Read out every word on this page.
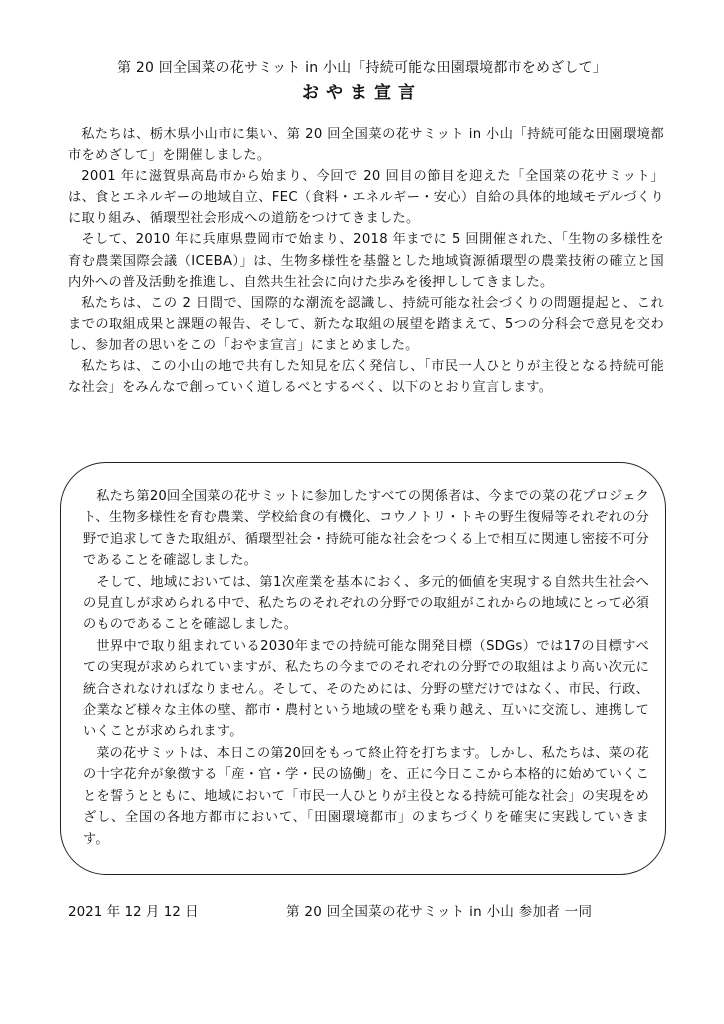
第 20 回全国菜の花サミット in 小山「持続可能な田園環境都市をめざして」
おやま宣言

私たちは、栃木県小山市に集い、第 20 回全国菜の花サミット in 小山「持続可能な田園環境都市をめざして」を開催しました。

2001 年に滋賀県高島市から始まり、今回で 20 回目の節目を迎えた「全国菜の花サミット」は、食とエネルギーの地域自立、FEC（食料・エネルギー・安心）自給の具体的地域モデルづくりに取り組み、循環型社会形成への道筋をつけてきました。

そして、2010 年に兵庫県豊岡市で始まり、2018 年までに 5 回開催された、「生物の多様性を育む農業国際会議（ICEBA）」は、生物多様性を基盤とした地域資源循環型の農業技術の確立と国内外への普及活動を推進し、自然共生社会に向けた歩みを後押ししてきました。

私たちは、この 2 日間で、国際的な潮流を認識し、持続可能な社会づくりの問題提起と、これまでの取組成果と課題の報告、そして、新たな取組の展望を踏まえて、5つの分科会で意見を交わし、参加者の思いをこの「おやま宣言」にまとめました。

私たちは、この小山の地で共有した知見を広く発信し、「市民一人ひとりが主役となる持続可能な社会」をみんなで創っていく道しるべとするべく、以下のとおり宣言します。

私たち第20回全国菜の花サミットに参加したすべての関係者は、今までの菜の花プロジェクト、生物多様性を育む農業、学校給食の有機化、コウノトリ・トキの野生復帰等それぞれの分野で追求してきた取組が、循環型社会・持続可能な社会をつくる上で相互に関連し密接不可分であることを確認しました。

そして、地域においては、第1次産業を基本におく、多元的価値を実現する自然共生社会への見直しが求められる中で、私たちのそれぞれの分野での取組がこれからの地域にとって必須のものであることを確認しました。

世界中で取り組まれている2030年までの持続可能な開発目標（SDGs）では17の目標すべての実現が求められていますが、私たちの今までのそれぞれの分野での取組はより高い次元に統合されなければなりません。そして、そのためには、分野の壁だけではなく、市民、行政、企業など様々な主体の壁、都市・農村という地域の壁をも乗り越え、互いに交流し、連携していくことが求められます。

菜の花サミットは、本日この第20回をもって終止符を打ちます。しかし、私たちは、菜の花の十字花弁が象徴する「産・官・学・民の協働」を、正に今日ここから本格的に始めていくことを誓うとともに、地域において「市民一人ひとりが主役となる持続可能な社会」の実現をめざし、全国の各地方都市において、「田園環境都市」のまちづくりを確実に実践していきます。

2021 年 12 月 12 日	第 20 回全国菜の花サミット in 小山 参加者 一同
